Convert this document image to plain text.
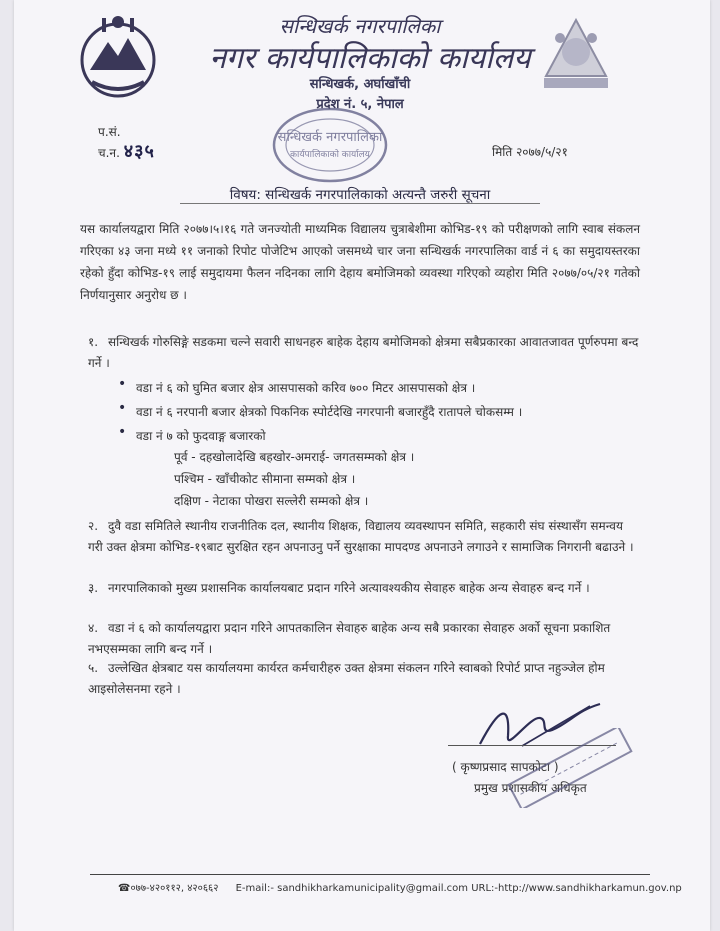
सन्धिखर्क नगरपालिका
नगर कार्यपालिकाको कार्यालय
सन्धिखर्क, अर्घाखाँची
प्रदेश नं. ५, नेपाल
सन्धिखर्क नगरपालिका
कार्यपालिकाको कार्यालय
प.सं.
च.न. ४३५	मिति २०७७/५/२१
विषय: सन्धिखर्क नगरपालिकाको अत्यन्तै जरुरी सूचना
यस कार्यालयद्वारा मिति २०७७।५।१६ गते जनज्योती माध्यमिक विद्यालय चुत्राबेशीमा कोभिड-१९ को परीक्षणको लागि स्वाब संकलन गरिएका ४३ जना मध्ये ११ जनाको रिपोट पोजेटिभ आएको जसमध्ये चार जना सन्धिखर्क नगरपालिका वार्ड नं ६ का समुदायस्तरका रहेको हुँदा कोभिड-१९ लाई समुदायमा फैलन नदिनका लागि देहाय बमोजिमको व्यवस्था गरिएको व्यहोरा मिति २०७७/०५/२१ गतेको निर्णयानुसार अनुरोध छ ।
१. सन्धिखर्क गोरुसिङ्गे सडकमा चल्ने सवारी साधनहरु बाहेक देहाय बमोजिमको क्षेत्रमा सबैप्रकारका आवातजावत पूर्णरुपमा बन्द गर्ने ।
• वडा नं ६ को घुमित बजार क्षेत्र आसपासको करिव ७०० मिटर आसपासको क्षेत्र ।
• वडा नं ६ नरपानी बजार क्षेत्रको पिकनिक स्पोर्टदेखि नगरपानी बजारहुँदै रातापले चोकसम्म ।
• वडा नं ७ को फुदवाङ्ग बजारको
पूर्व - दहखोलादेखि बहखोर-अमराई- जगतसम्मको क्षेत्र ।
पश्चिम - खाँचीकोट सीमाना सम्मको क्षेत्र ।
दक्षिण - नेटाका पोखरा सल्लेरी सम्मको क्षेत्र ।
२. दुवै वडा समितिले स्थानीय राजनीतिक दल, स्थानीय शिक्षक, विद्यालय व्यवस्थापन समिति, सहकारी संघ संस्थासँग समन्वय गरी उक्त क्षेत्रमा कोभिड-१९बाट सुरक्षित रहन अपनाउनु पर्ने सुरक्षाका मापदण्ड अपनाउने लगाउने र सामाजिक निगरानी बढाउने ।
३. नगरपालिकाको मुख्य प्रशासनिक कार्यालयबाट प्रदान गरिने अत्यावश्यकीय सेवाहरु बाहेक अन्य सेवाहरु बन्द गर्ने ।
४. वडा नं ६ को कार्यालयद्वारा प्रदान गरिने आपतकालिन सेवाहरु बाहेक अन्य सबै प्रकारका सेवाहरु अर्को सूचना प्रकाशित नभएसम्मका लागि बन्द गर्ने ।
५. उल्लेखित क्षेत्रबाट यस कार्यालयमा कार्यरत कर्मचारीहरु उक्त क्षेत्रमा संकलन गरिने स्वाबको रिपोर्ट प्राप्त नहुञ्जेल होम आइसोलेसनमा रहने ।
( कृष्णप्रसाद सापकोटा )
प्रमुख प्रशासकीय अधिकृत
☎०७७-४२०११२, ४२०६६२ E-mail:- sandhikharkamunicipality@gmail.com URL:-http://www.sandhikharkamun.gov.np
